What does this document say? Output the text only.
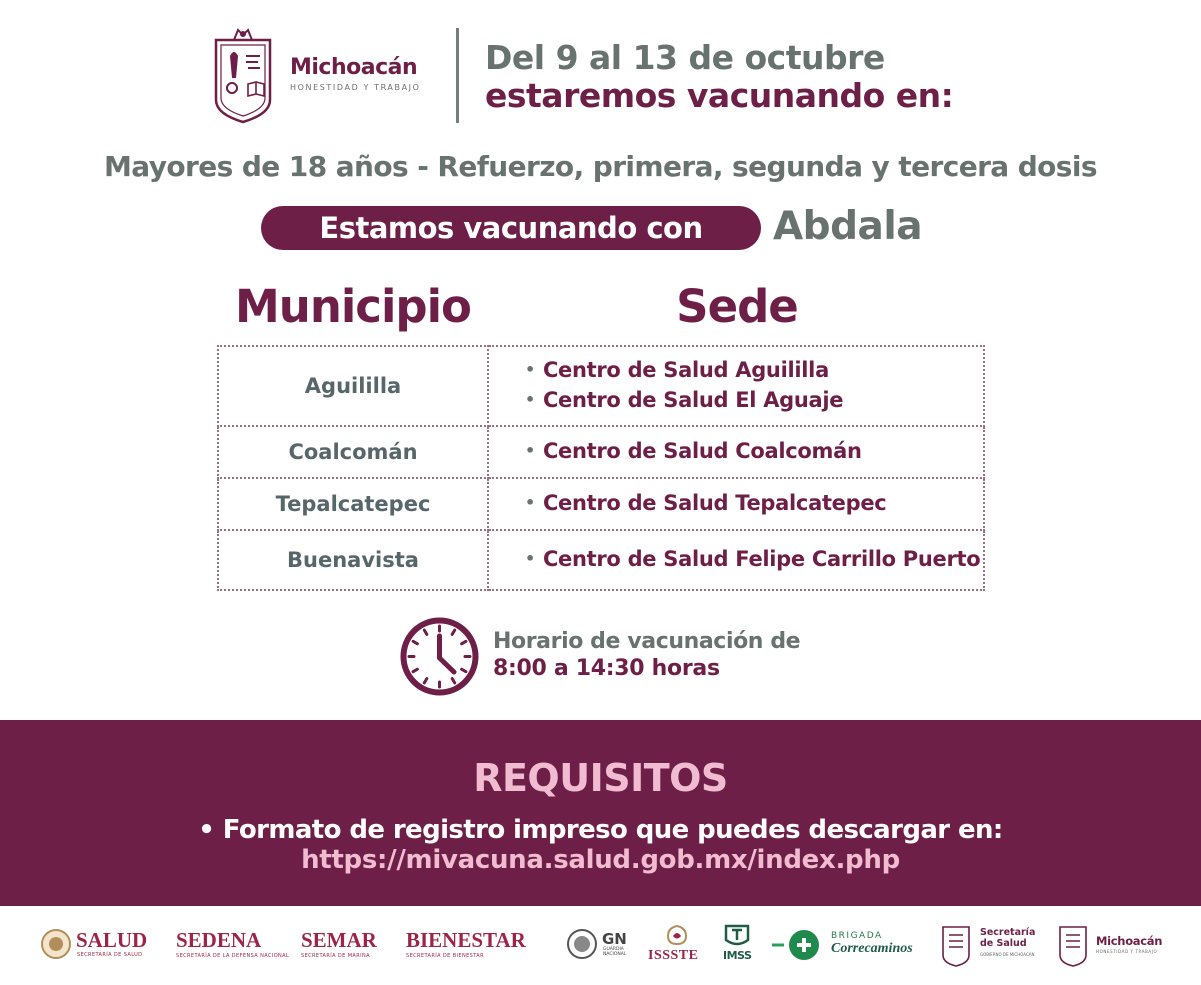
Michoacán
HONESTIDAD Y TRABAJO
Del 9 al 13 de octubre
estaremos vacunando en:
Mayores de 18 años - Refuerzo, primera, segunda y tercera dosis
Estamos vacunando con	Abdala
Municipio	Sede
Aguililla	• Centro de Salud Aguililla
• Centro de Salud El Aguaje

Coalcomán	• Centro de Salud Coalcomán

Tepalcatepec	• Centro de Salud Tepalcatepec

Buenavista	• Centro de Salud Felipe Carrillo Puerto
Horario de vacunación de
8:00 a 14:30 horas
REQUISITOS
• Formato de registro impreso que puedes descargar en:
https://mivacuna.salud.gob.mx/index.php
SALUD
SECRETARÍA DE SALUD
SEDENA
SECRETARÍA DE LA DEFENSA NACIONAL
SEMAR
SECRETARÍA DE MARINA
BIENESTAR
SECRETARÍA DE BIENESTAR
GN
GUARDIA NACIONAL	ISSSTE IMSS
BRIGADA
Correcaminos
Secretaría
de Salud
GOBIERNO DE MICHOACÁN
Michoacán
HONESTIDAD Y TRABAJO
